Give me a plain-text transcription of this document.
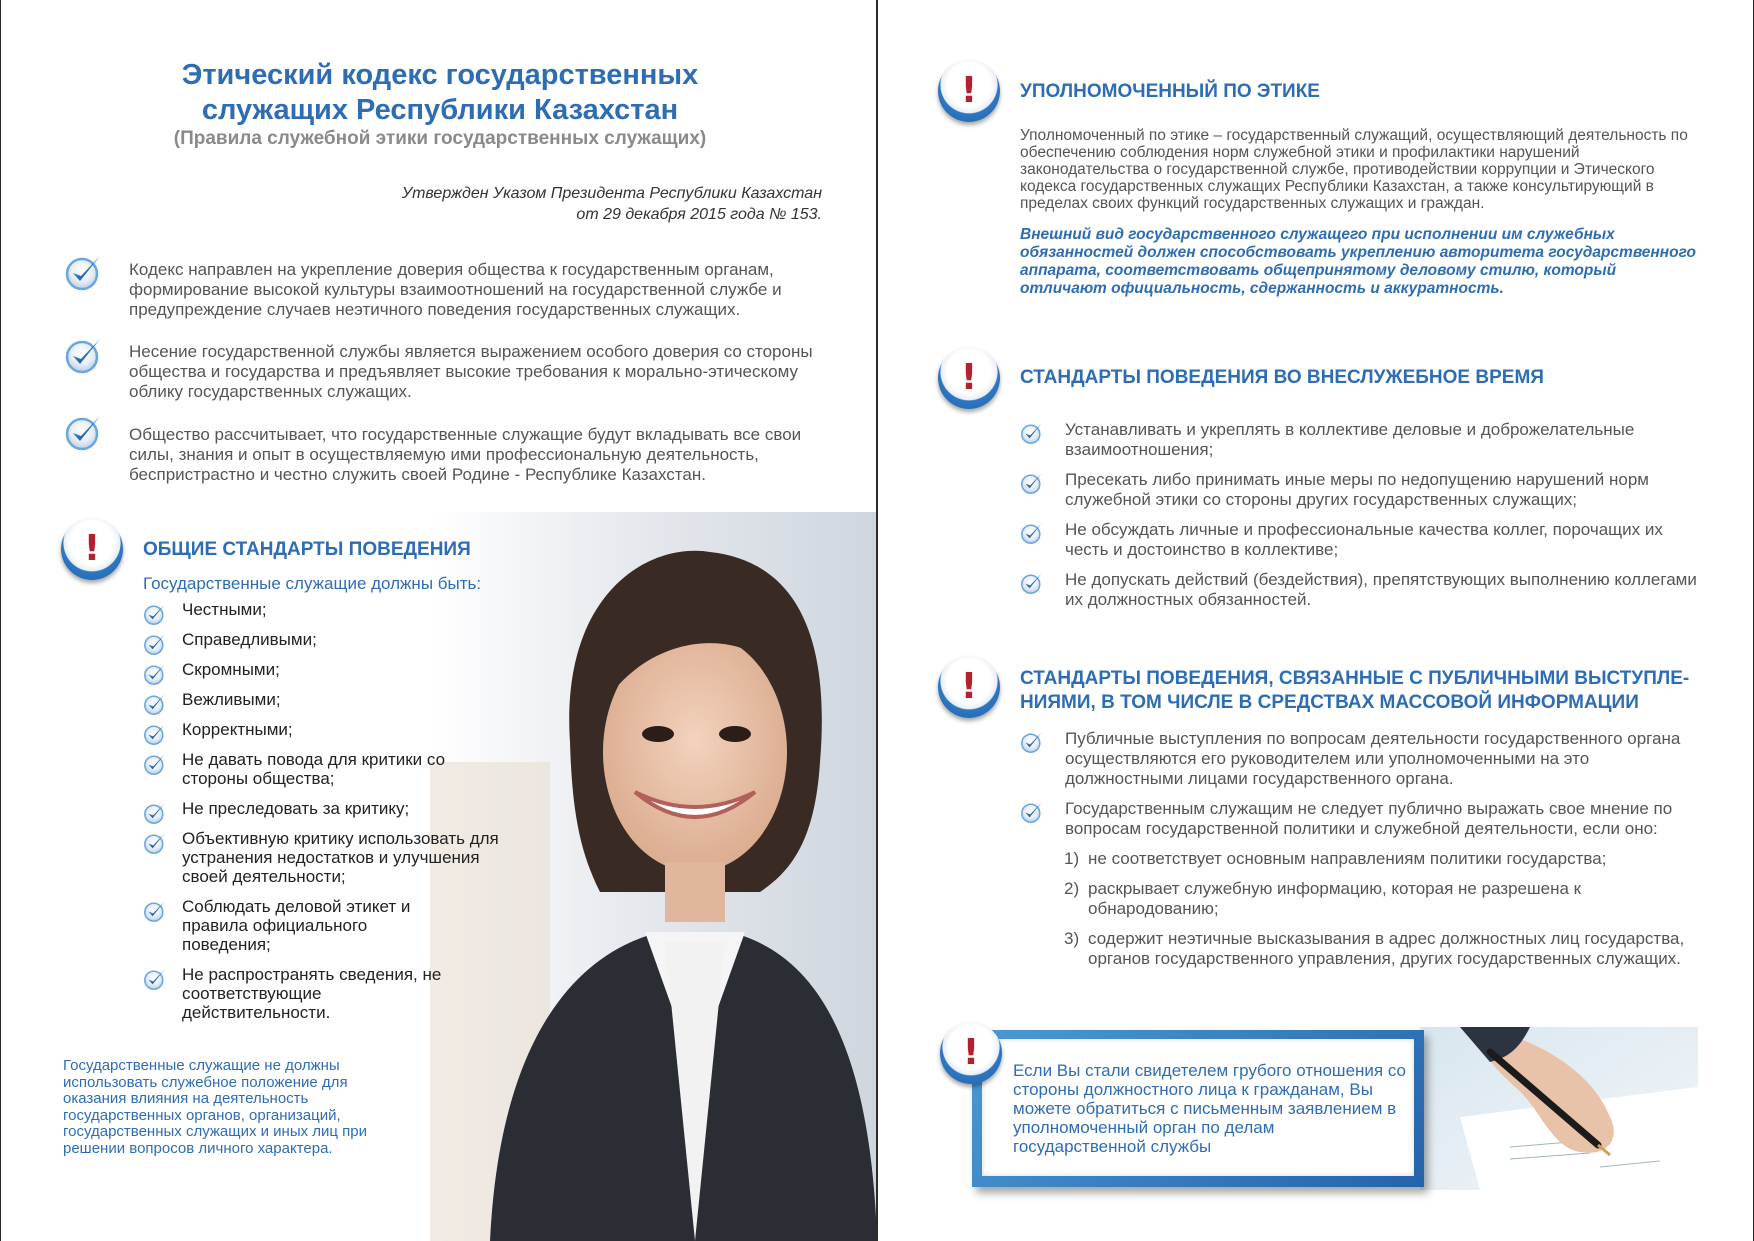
Этический кодекс государственных
служащих Республики Казахстан

(Правила служебной этики государственных служащих)

Утвержден Указом Президента Республики Казахстан
от 29 декабря 2015 года № 153.
Кодекс направлен на укрепление доверия общества к государственным органам, формирование высокой культуры взаимоотношений на государственной службе и предупреждение случаев неэтичного поведения государственных служащих.
Несение государственной службы является выражением особого доверия со стороны общества и государства и предъявляет высокие требования к морально-этическому облику государственных служащих.
Общество рассчитывает, что государственные служащие будут вкладывать все свои силы, знания и опыт в осуществляемую ими профессиональную деятельность, беспристрастно и честно служить своей Родине - Республике Казахстан.
!	ОБЩИЕ СТАНДАРТЫ ПОВЕДЕНИЯ
Государственные служащие должны быть:
Честными;
Справедливыми;
Скромными;
Вежливыми;
Корректными;
Не давать повода для критики со стороны общества;
Не преследовать за критику;
Объективную критику использовать для устранения недостатков и улучшения своей деятельности;
Соблюдать деловой этикет и правила официального поведения;
Не распространять сведения, не соответствующие действительности.
Государственные служащие не должны использовать служебное положение для оказания влияния на деятельность государственных органов, организаций, государственных служащих и иных лиц при решении вопросов личного характера.
!	УПОЛНОМОЧЕННЫЙ ПО ЭТИКЕ
Уполномоченный по этике – государственный служащий, осуществляющий деятельность по обеспечению соблюдения норм служебной этики и профилактики нарушений законодательства о государственной службе, противодействии коррупции и Этического кодекса государственных служащих Республики Казахстан, а также консультирующий в пределах своих функций государственных служащих и граждан.
Внешний вид государственного служащего при исполнении им служебных обязанностей должен способствовать укреплению авторитета государственного аппарата, соответствовать общепринятому деловому стилю, который отличают официальность, сдержанность и аккуратность.
!	СТАНДАРТЫ ПОВЕДЕНИЯ ВО ВНЕСЛУЖЕБНОЕ ВРЕМЯ
Устанавливать и укреплять в коллективе деловые и доброжелательные взаимоотношения;
Пресекать либо принимать иные меры по недопущению нарушений норм служебной этики со стороны других государственных служащих;
Не обсуждать личные и профессиональные качества коллег, порочащих их честь и достоинство в коллективе;
Не допускать действий (бездействия), препятствующих выполнению коллегами их должностных обязанностей.
!	СТАНДАРТЫ ПОВЕДЕНИЯ, СВЯЗАННЫЕ С ПУБЛИЧНЫМИ ВЫСТУПЛЕ-
НИЯМИ, В ТОМ ЧИСЛЕ В СРЕДСТВАХ МАССОВОЙ ИНФОРМАЦИИ
Публичные выступления по вопросам деятельности государственного органа осуществляются его руководителем или уполномоченными на это должностными лицами государственного органа.
Государственным служащим не следует публично выражать свое мнение по вопросам государственной политики и служебной деятельности, если оно:
1) не соответствует основным направлениям политики государства;
2) раскрывает служебную информацию, которая не разрешена к обнародованию;
3) содержит неэтичные высказывания в адрес должностных лиц государства, органов государственного управления, других государственных служащих.
!	Если Вы стали свидетелем грубого отношения со стороны должностного лица к гражданам, Вы можете обратиться с письменным заявлением в уполномоченный орган по делам государственной службы
